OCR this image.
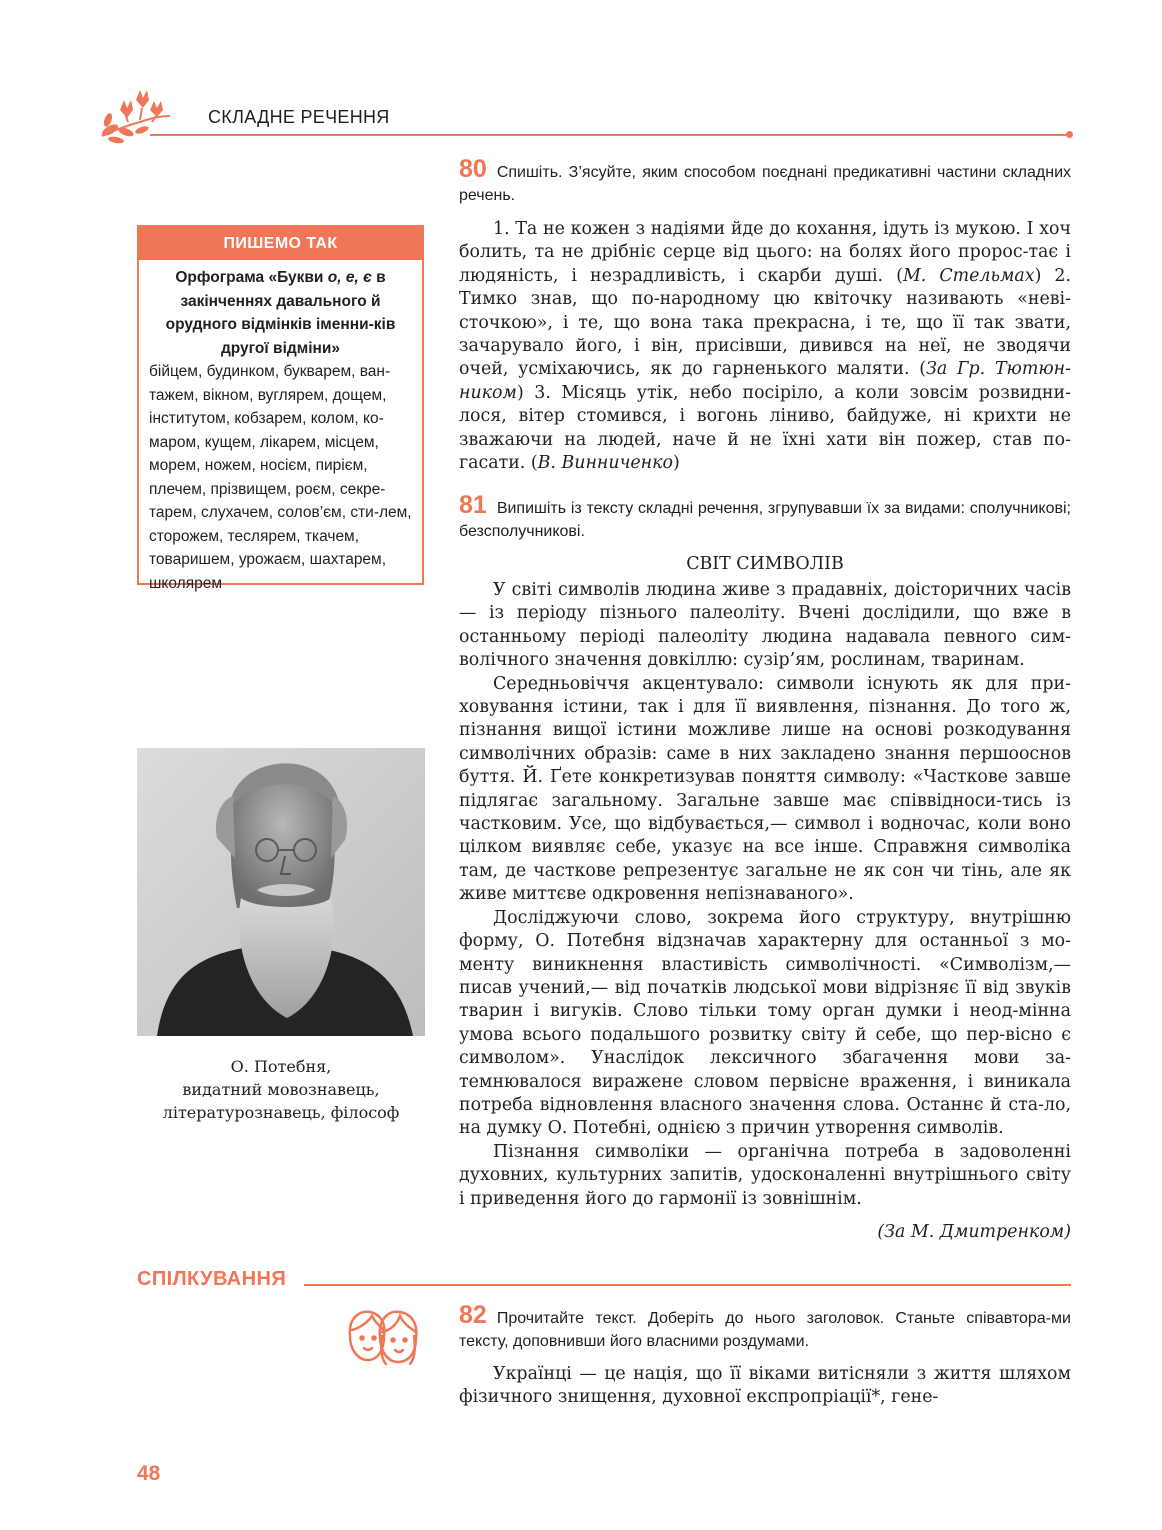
СКЛАДНЕ РЕЧЕННЯ
ПИШЕМО ТАК
Орфограма «Букви о, е, є в закінченнях давального й орудного відмінків іменни-ків другої відміни»
бійцем, будинком, букварем, ван-тажем, вікном, вуглярем, дощем, інститутом, кобзарем, колом, ко-маром, кущем, лікарем, місцем, морем, ножем, носієм, пирієм, плечем, прізвищем, роєм, секре-тарем, слухачем, солов’єм, сти-лем, сторожем, теслярем, ткачем, товаришем, урожаєм, шахтарем, школярем
О. Потебня,
видатний мовознавець,
літературознавець, філософ
80 Спишіть. З’ясуйте, яким способом поєднані предикативні частини складних речень.

1. Та не кожен з надіями йде до кохання, ідуть із мукою. І хоч болить, та не дрібніє серце від цього: на болях його пророс-тає і людяність, і незрадливість, і скарби душі. (М. Стельмах) 2. Тимко знав, що по-народному цю квіточку називають «неві-сточкою», і те, що вона така прекрасна, і те, що її так звати, зачарувало його, і він, присівши, дивився на неї, не зводячи очей, усміхаючись, як до гарненького маляти. (За Гр. Тютюн-ником) 3. Місяць утік, небо посіріло, а коли зовсім розвидни-лося, вітер стомився, і вогонь ліниво, байдуже, ні крихти не зважаючи на людей, наче й не їхні хати він пожер, став по-гасати. (В. Винниченко)

81 Випишіть із тексту складні речення, згрупувавши їх за видами: сполучникові; безсполучникові.
СВІТ СИМВОЛІВ

У світі символів людина живе з прадавніх, доісторичних часів — із періоду пізнього палеоліту. Вчені дослідили, що вже в останньому періоді палеоліту людина надавала певного сим-волічного значення довкіллю: сузір’ям, рослинам, тваринам.

Середньовіччя акцентувало: символи існують як для при-ховування істини, так і для її виявлення, пізнання. До того ж, пізнання вищої істини можливе лише на основі розкодування символічних образів: саме в них закладено знання першооснов буття. Й. Ґете конкретизував поняття символу: «Часткове завше підлягає загальному. Загальне завше має співвідноси-тись із частковим. Усе, що відбувається,— символ і водночас, коли воно цілком виявляє себе, указує на все інше. Справжня символіка там, де часткове репрезентує загальне не як сон чи тінь, але як живе миттєве одкровення непізнаваного».

Досліджуючи слово, зокрема його структуру, внутрішню форму, О. Потебня відзначав характерну для останньої з мо-менту виникнення властивість символічності. «Символізм,— писав учений,— від початків людської мови відрізняє її від звуків тварин і вигуків. Слово тільки тому орган думки і неод-мінна умова всього подальшого розвитку світу й себе, що пер-вісно є символом». Унаслідок лексичного збагачення мови за-темнювалося виражене словом первісне враження, і виникала потреба відновлення власного значення слова. Останнє й ста-ло, на думку О. Потебні, однією з причин утворення символів.

Пізнання символіки — органічна потреба в задоволенні духовних, культурних запитів, удосконаленні внутрішнього світу і приведення його до гармонії із зовнішнім.

(За М. Дмитренком)
СПІЛКУВАННЯ
82 Прочитайте текст. Доберіть до нього заголовок. Станьте співавтора-ми тексту, доповнивши його власними роздумами.

Українці — це нація, що її віками витісняли з життя шляхом фізичного знищення, духовної експропріації*, гене-

48
